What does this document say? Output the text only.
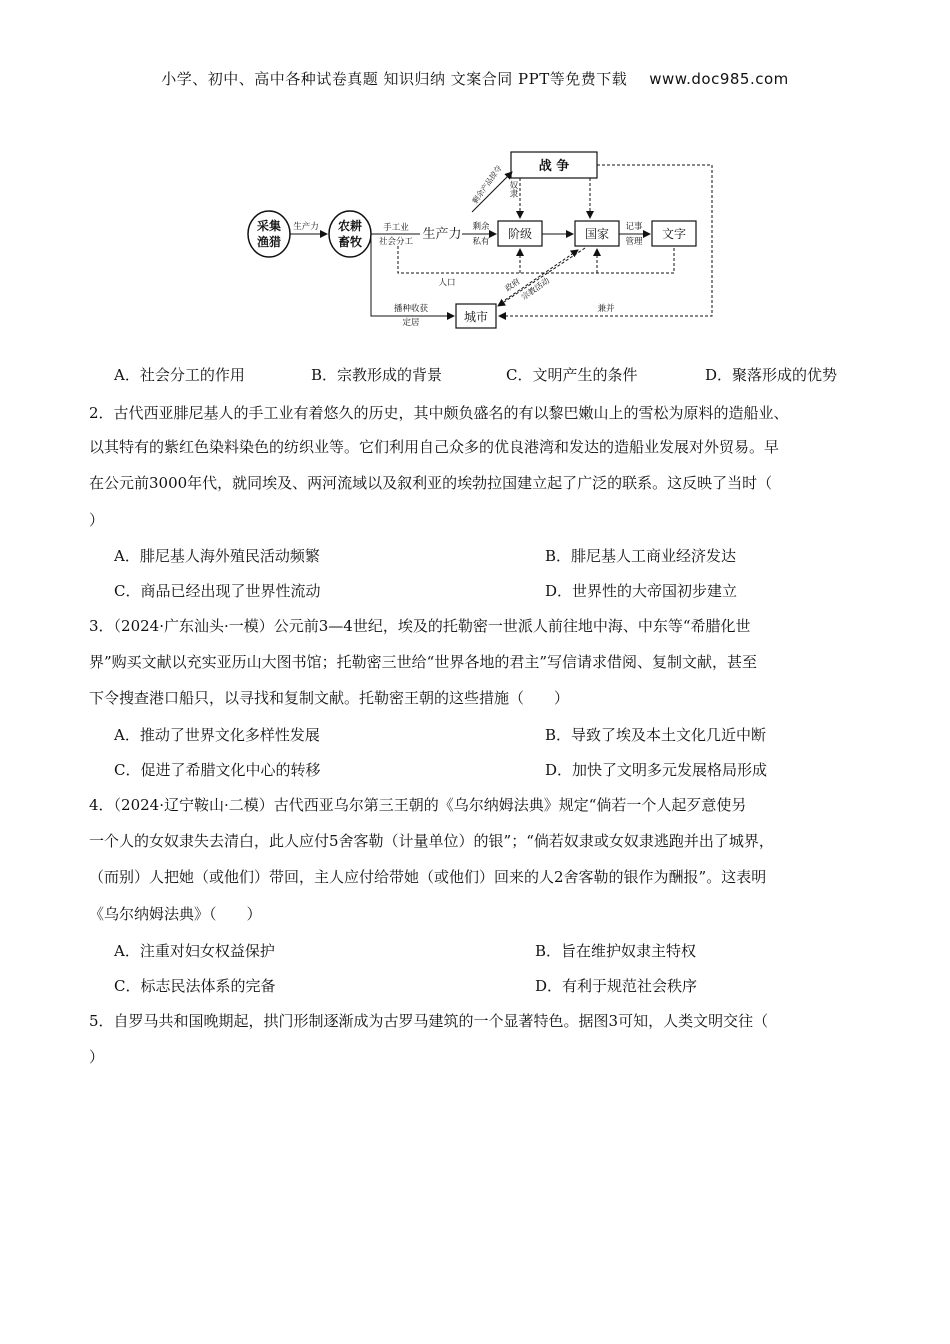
小学、初中、高中各种试卷真题 知识归纳 文案合同 PPT等免费下载 www.doc985.com
战 争
采集
渔猎
农耕
畜牧
阶级	国家	文字
城市
生产力	手工业
社会分工 生产力 剩余
私有
记事
管理
剩余产品掠夺 奴隶
播种收获
定居
人口	政府
宗教活动
兼并
A．社会分工的作用	B．宗教形成的背景	C．文明产生的条件	D．聚落形成的优势
2．古代西亚腓尼基人的手工业有着悠久的历史，其中颇负盛名的有以黎巴嫩山上的雪松为原料的造船业、
以其特有的紫红色染料染色的纺织业等。它们利用自己众多的优良港湾和发达的造船业发展对外贸易。早
在公元前3000年代，就同埃及、两河流域以及叙利亚的埃勃拉国建立起了广泛的联系。这反映了当时（
）
A．腓尼基人海外殖民活动频繁	B．腓尼基人工商业经济发达
C．商品已经出现了世界性流动	D．世界性的大帝国初步建立
3．（2024·广东汕头·一模）公元前3—4世纪，埃及的托勒密一世派人前往地中海、中东等“希腊化世
界”购买文献以充实亚历山大图书馆；托勒密三世给“世界各地的君主”写信请求借阅、复制文献，甚至
下令搜查港口船只，以寻找和复制文献。托勒密王朝的这些措施（　　）
A．推动了世界文化多样性发展	B．导致了埃及本土文化几近中断
C．促进了希腊文化中心的转移	D．加快了文明多元发展格局形成
4．（2024·辽宁鞍山·二模）古代西亚乌尔第三王朝的《乌尔纳姆法典》规定“倘若一个人起歹意使另
一个人的女奴隶失去清白，此人应付5舍客勒（计量单位）的银”；“倘若奴隶或女奴隶逃跑并出了城界，
（而别）人把她（或他们）带回，主人应付给带她（或他们）回来的人2舍客勒的银作为酬报”。这表明
《乌尔纳姆法典》（　　）
A．注重对妇女权益保护	B．旨在维护奴隶主特权
C．标志民法体系的完备	D．有利于规范社会秩序
5．自罗马共和国晚期起，拱门形制逐渐成为古罗马建筑的一个显著特色。据图3可知，人类文明交往（
）
